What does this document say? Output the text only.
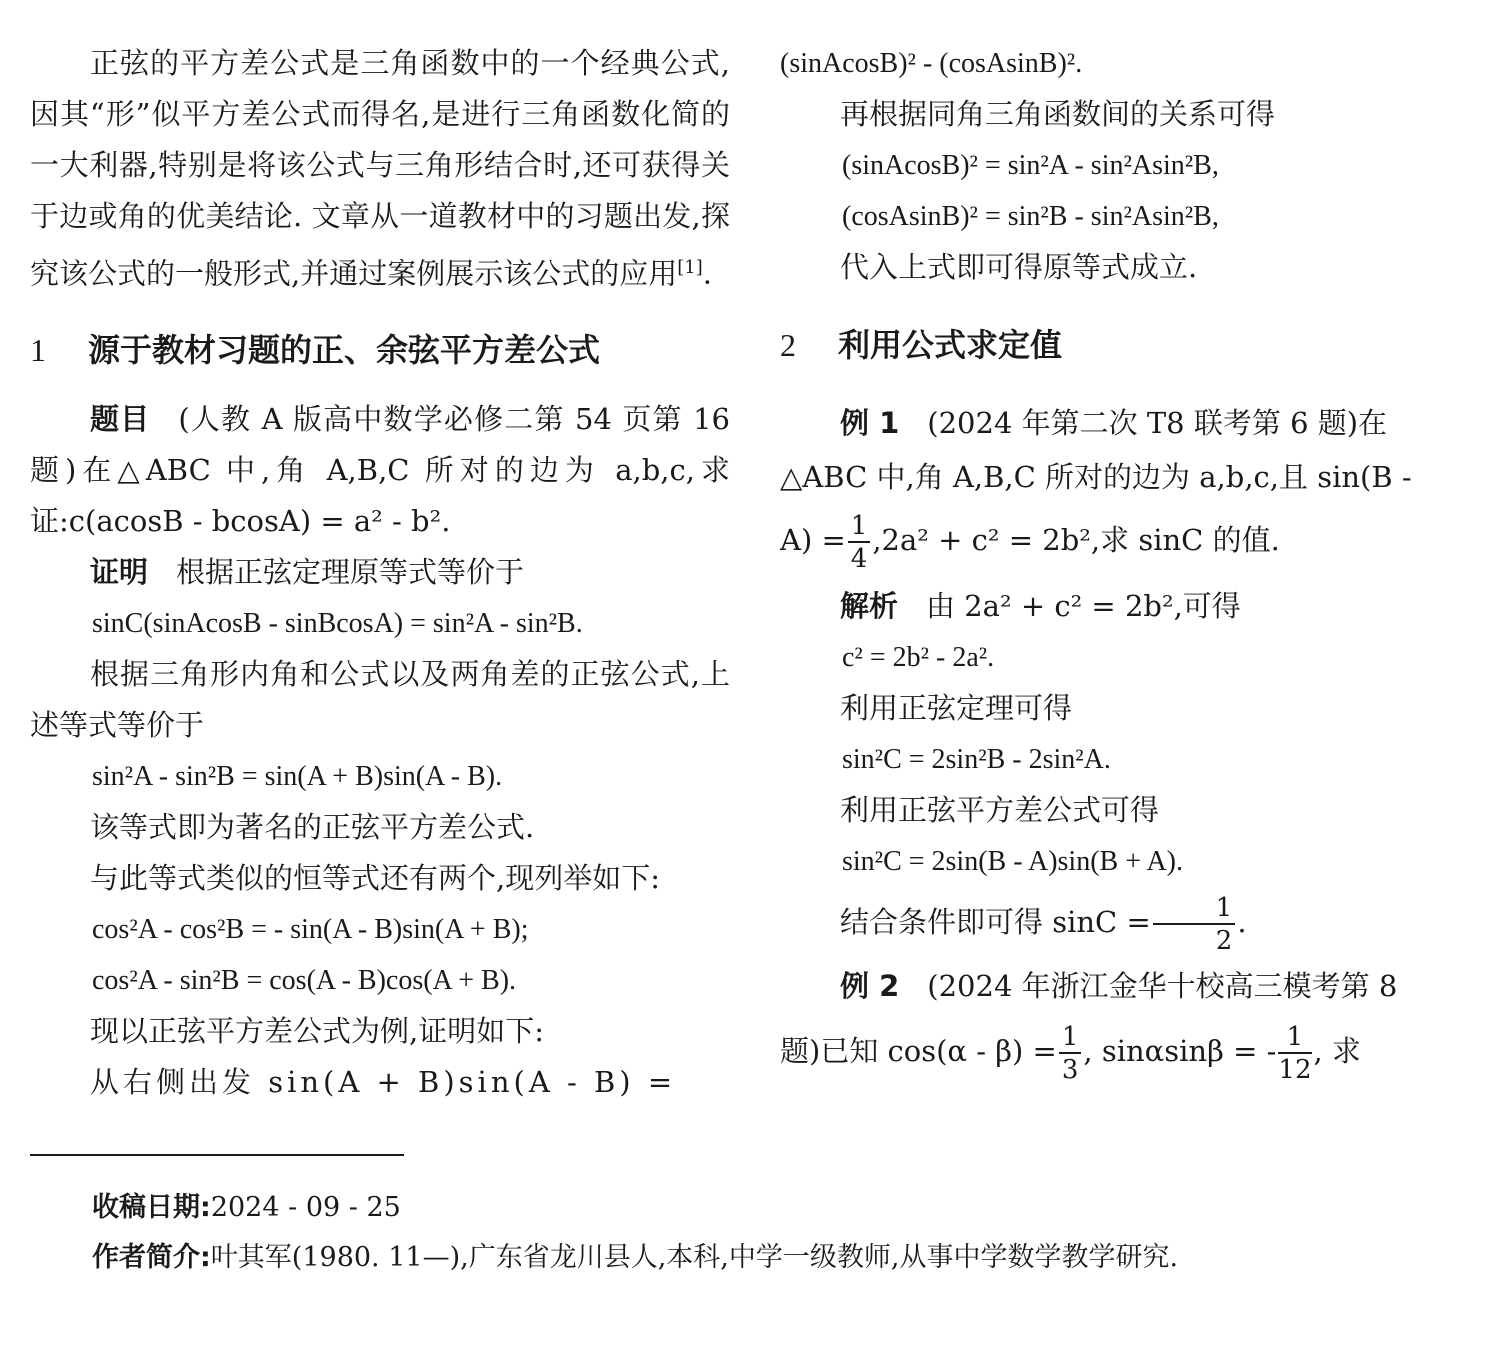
正弦的平方差公式是三角函数中的一个经典公式,因其“形”似平方差公式而得名,是进行三角函数化简的一大利器,特别是将该公式与三角形结合时,还可获得关于边或角的优美结论. 文章从一道教材中的习题出发,探究该公式的一般形式,并通过案例展示该公式的应用[1].

1 源于教材习题的正、余弦平方差公式

题目 (人教 A 版高中数学必修二第 54 页第 16 题)在△ABC 中,角 A,B,C 所对的边为 a,b,c,求证:c(acosB - bcosA) = a² - b².

证明 根据正弦定理原等式等价于

sinC(sinAcosB - sinBcosA) = sin²A - sin²B.

根据三角形内角和公式以及两角差的正弦公式,上述等式等价于

sin²A - sin²B = sin(A + B)sin(A - B).

该等式即为著名的正弦平方差公式.

与此等式类似的恒等式还有两个,现列举如下:

cos²A - cos²B = - sin(A - B)sin(A + B);
cos²A - sin²B = cos(A - B)cos(A + B).

现以正弦平方差公式为例,证明如下:

从右侧出发 sin(A + B)sin(A - B) =

(sinAcosB)² - (cosAsinB)².

再根据同角三角函数间的关系可得

(sinAcosB)² = sin²A - sin²Asin²B,
(cosAsinB)² = sin²B - sin²Asin²B,

代入上式即可得原等式成立.

2 利用公式求定值

例 1 (2024 年第二次 T8 联考第 6 题)在

△ABC 中,角 A,B,C 所对的边为 a,b,c,且 sin(B -

$A) = \frac{1}{4} ,2a^2 + c^2 = 2b^2$,求 sinC 的值.

解析 由 2a² + c² = 2b²,可得

c² = 2b² - 2a².

利用正弦定理可得

sin²C = 2sin²B - 2sin²A.

利用正弦平方差公式可得

sin²C = 2sin(B - A)sin(B + A).

结合条件即可得 $\sin C = \frac{1}{2}$ .

例 2 (2024 年浙江金华十校高三模考第 8

题)已知 $\cos(\alpha - \beta) = \frac{1}{3}$ , sinαsinβ = - $\frac{1}{12}$ , 求

收稿日期:2024 - 09 - 25
作者简介:叶其军(1980. 11—),广东省龙川县人,本科,中学一级教师,从事中学数学教学研究.
